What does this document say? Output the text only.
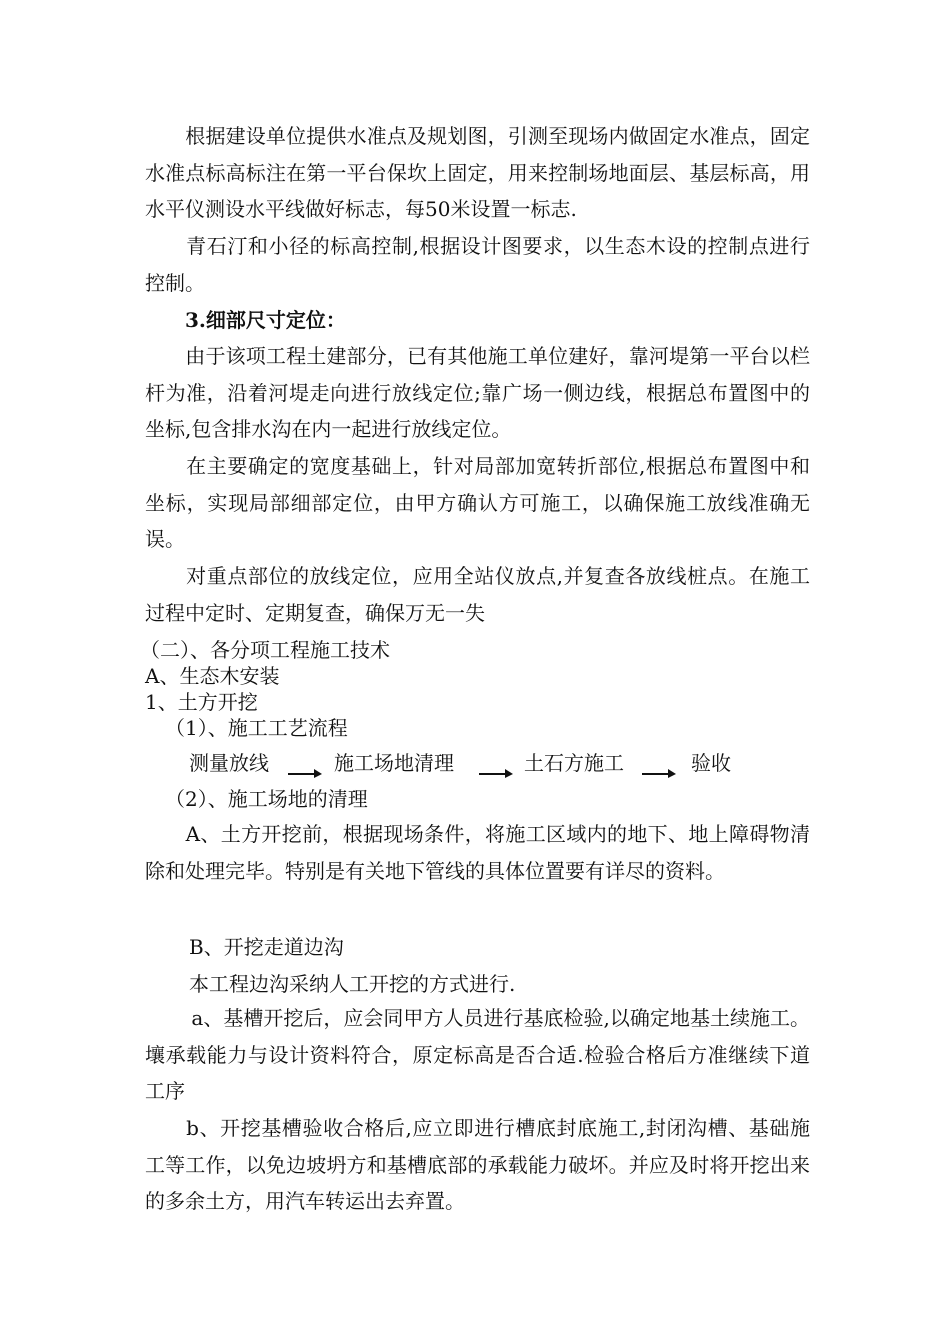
　　根据建设单位提供水准点及规划图，引测至现场内做固定水准点，固定水准点标高标注在第一平台保坎上固定，用来控制场地面层、基层标高，用水平仪测设水平线做好标志，每50米设置一标志.

　　青石汀和小径的标高控制,根据设计图要求，以生态木设的控制点进行控制。

3.细部尺寸定位：

　　由于该项工程土建部分，已有其他施工单位建好，靠河堤第一平台以栏杆为准，沿着河堤走向进行放线定位;靠广场一侧边线，根据总布置图中的坐标,包含排水沟在内一起进行放线定位。

　　在主要确定的宽度基础上，针对局部加宽转折部位,根据总布置图中和坐标，实现局部细部定位，由甲方确认方可施工，以确保施工放线准确无误。

　　对重点部位的放线定位，应用全站仪放点,并复查各放线桩点。在施工过程中定时、定期复查，确保万无一失

（二）、各分项工程施工技术

A、生态木安装

1、土方开挖

（1）、施工工艺流程

测量放线	施工场地清理	土石方施工	验收

（2）、施工场地的清理

　　A、土方开挖前，根据现场条件，将施工区域内的地下、地上障碍物清除和处理完毕。特别是有关地下管线的具体位置要有详尽的资料。

B、开挖走道边沟

本工程边沟采纳人工开挖的方式进行.

　　 a、基槽开挖后，应会同甲方人员进行基底检验,以确定地基土续施工。壤承载能力与设计资料符合，原定标高是否合适.检验合格后方准继续下道工序

　　b、开挖基槽验收合格后,应立即进行槽底封底施工,封闭沟槽、基础施工等工作，以免边坡坍方和基槽底部的承载能力破坏。并应及时将开挖出来的多余土方，用汽车转运出去弃置。
